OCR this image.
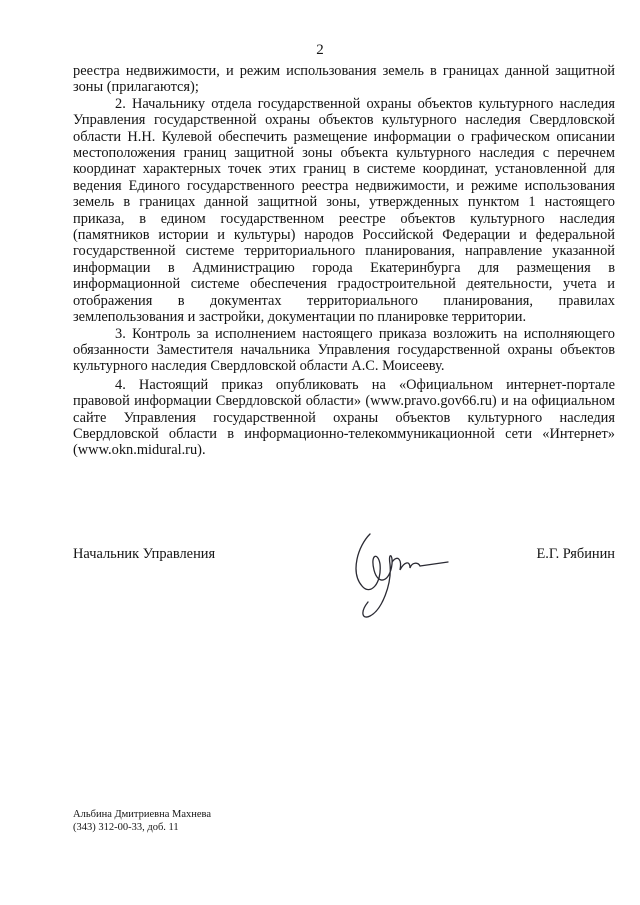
2

реестра недвижимости, и режим использования земель в границах данной защитной зоны (прилагаются);

2. Начальнику отдела государственной охраны объектов культурного наследия Управления государственной охраны объектов культурного наследия Свердловской области Н.Н. Кулевой обеспечить размещение информации о графическом описании местоположения границ защитной зоны объекта культурного наследия с перечнем координат характерных точек этих границ в системе координат, установленной для ведения Единого государственного реестра недвижимости, и режиме использования земель в границах данной защитной зоны, утвержденных пунктом 1 настоящего приказа, в едином государственном реестре объектов культурного наследия (памятников истории и культуры) народов Российской Федерации и федеральной государственной системе территориального планирования, направление указанной информации в Администрацию города Екатеринбурга для размещения в информационной системе обеспечения градостроительной деятельности, учета и отображения в документах территориального планирования, правилах землепользования и застройки, документации по планировке территории.

3. Контроль за исполнением настоящего приказа возложить на исполняющего обязанности Заместителя начальника Управления государственной охраны объектов культурного наследия Свердловской области А.С. Моисееву.

4. Настоящий приказ опубликовать на «Официальном интернет-портале правовой информации Свердловской области» (www.pravo.gov66.ru) и на официальном сайте Управления государственной охраны объектов культурного наследия Свердловской области в информационно-телекоммуникационной сети «Интернет» (www.okn.midural.ru).

Начальник Управления	Е.Г. Рябинин
Альбина Дмитриевна Махнева
(343) 312-00-33, доб. 11
